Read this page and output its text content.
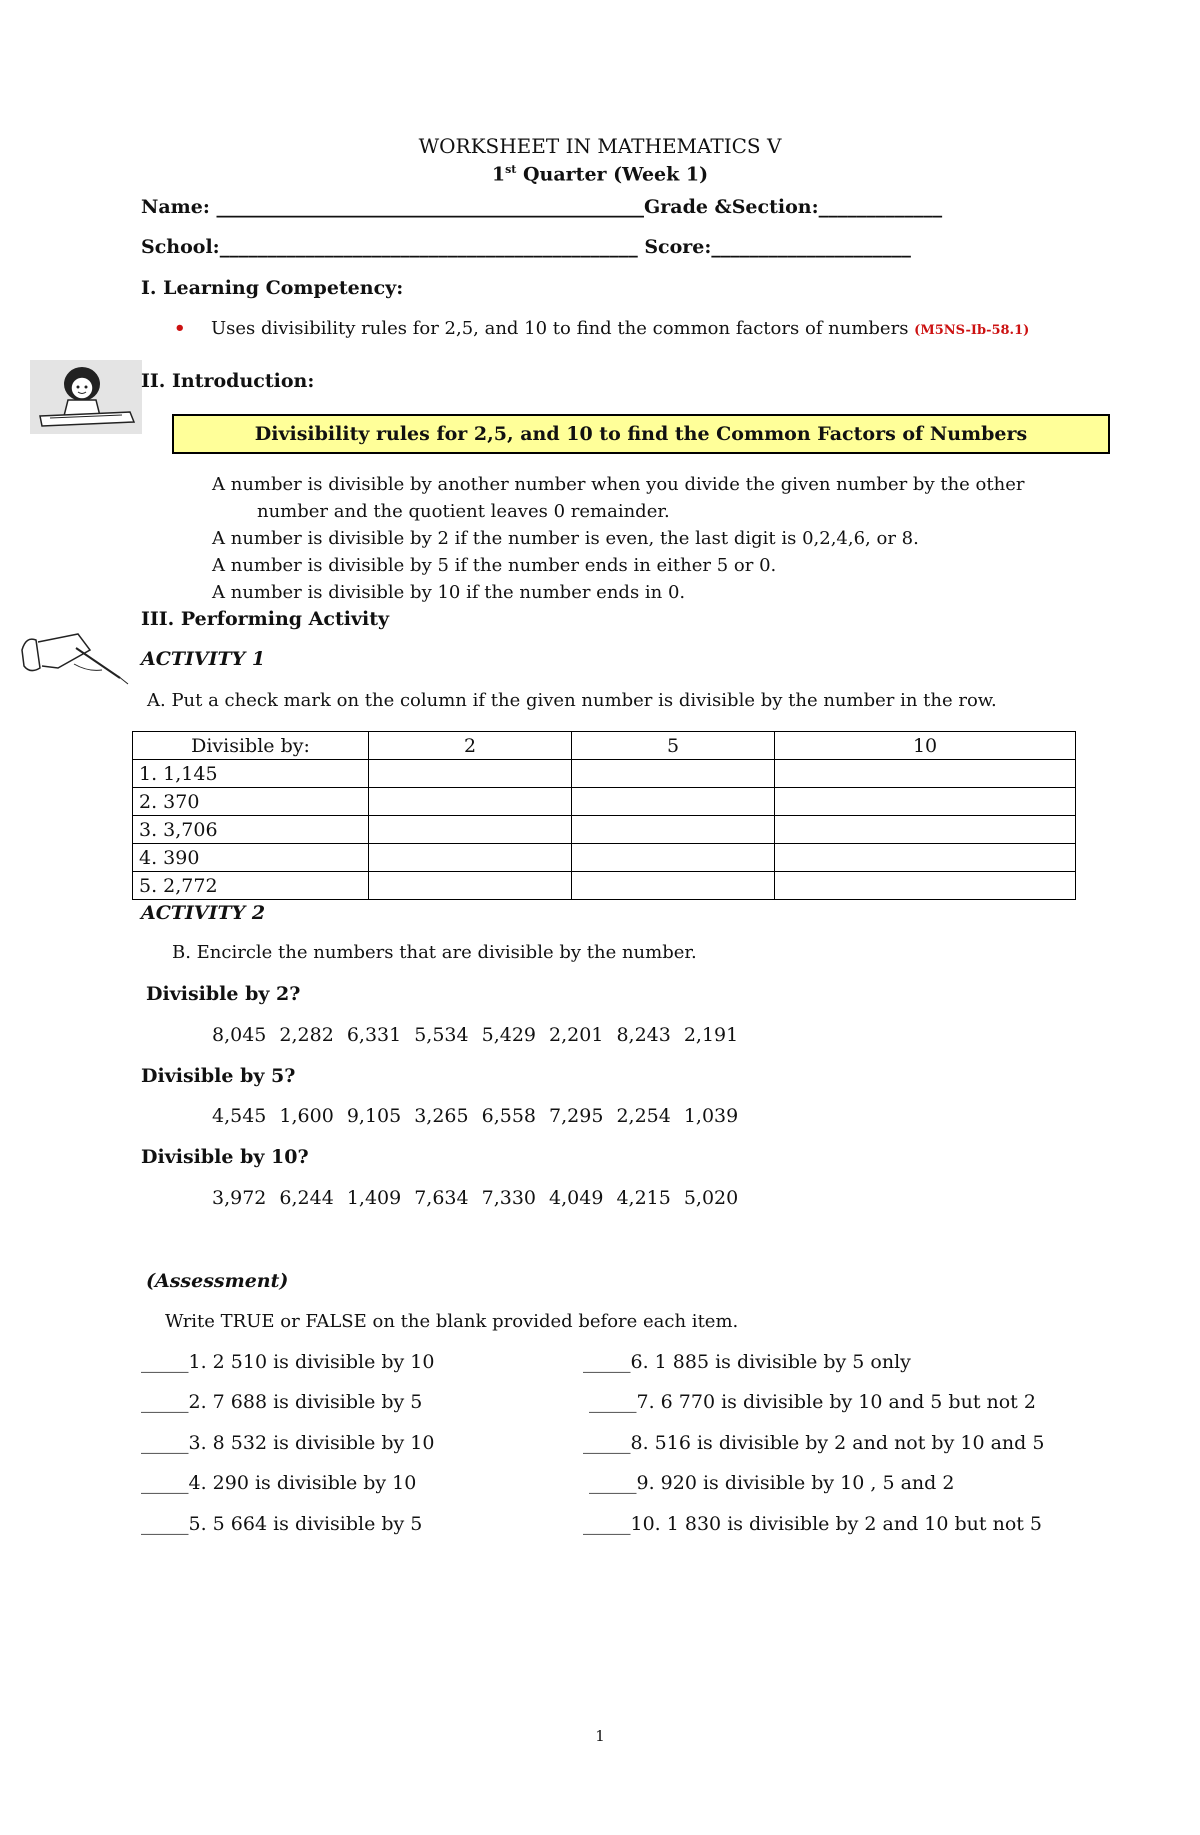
WORKSHEET IN MATHEMATICS V
1st Quarter (Week 1)
Name: _____________________________________________Grade &Section:_____________
School:____________________________________________ Score:_____________________
I. Learning Competency:
• Uses divisibility rules for 2,5, and 10 to find the common factors of numbers (M5NS-Ib-58.1)
II. Introduction:
Divisibility rules for 2,5, and 10 to find the Common Factors of Numbers
A number is divisible by another number when you divide the given number by the other
number and the quotient leaves 0 remainder.
A number is divisible by 2 if the number is even, the last digit is 0,2,4,6, or 8.
A number is divisible by 5 if the number ends in either 5 or 0.
A number is divisible by 10 if the number ends in 0.
III. Performing Activity
ACTIVITY 1
A. Put a check mark on the column if the given number is divisible by the number in the row.
Divisible by:	2	5	10
1. 1,145			
2. 370			
3. 3,706			
4. 390			
5. 2,772			
ACTIVITY 2
B. Encircle the numbers that are divisible by the number.
Divisible by 2?
8,045 2,282 6,331 5,534 5,429 2,201 8,243 2,191
Divisible by 5?
4,545 1,600 9,105 3,265 6,558 7,295 2,254 1,039
Divisible by 10?
3,972 6,244 1,409 7,634 7,330 4,049 4,215 5,020
(Assessment)
Write TRUE or FALSE on the blank provided before each item.
_____1. 2 510 is divisible by 10
_____2. 7 688 is divisible by 5
_____3. 8 532 is divisible by 10
_____4. 290 is divisible by 10
_____5. 5 664 is divisible by 5
_____6. 1 885 is divisible by 5 only
_____7. 6 770 is divisible by 10 and 5 but not 2
_____8. 516 is divisible by 2 and not by 10 and 5
_____9. 920 is divisible by 10 , 5 and 2
_____10. 1 830 is divisible by 2 and 10 but not 5
1
